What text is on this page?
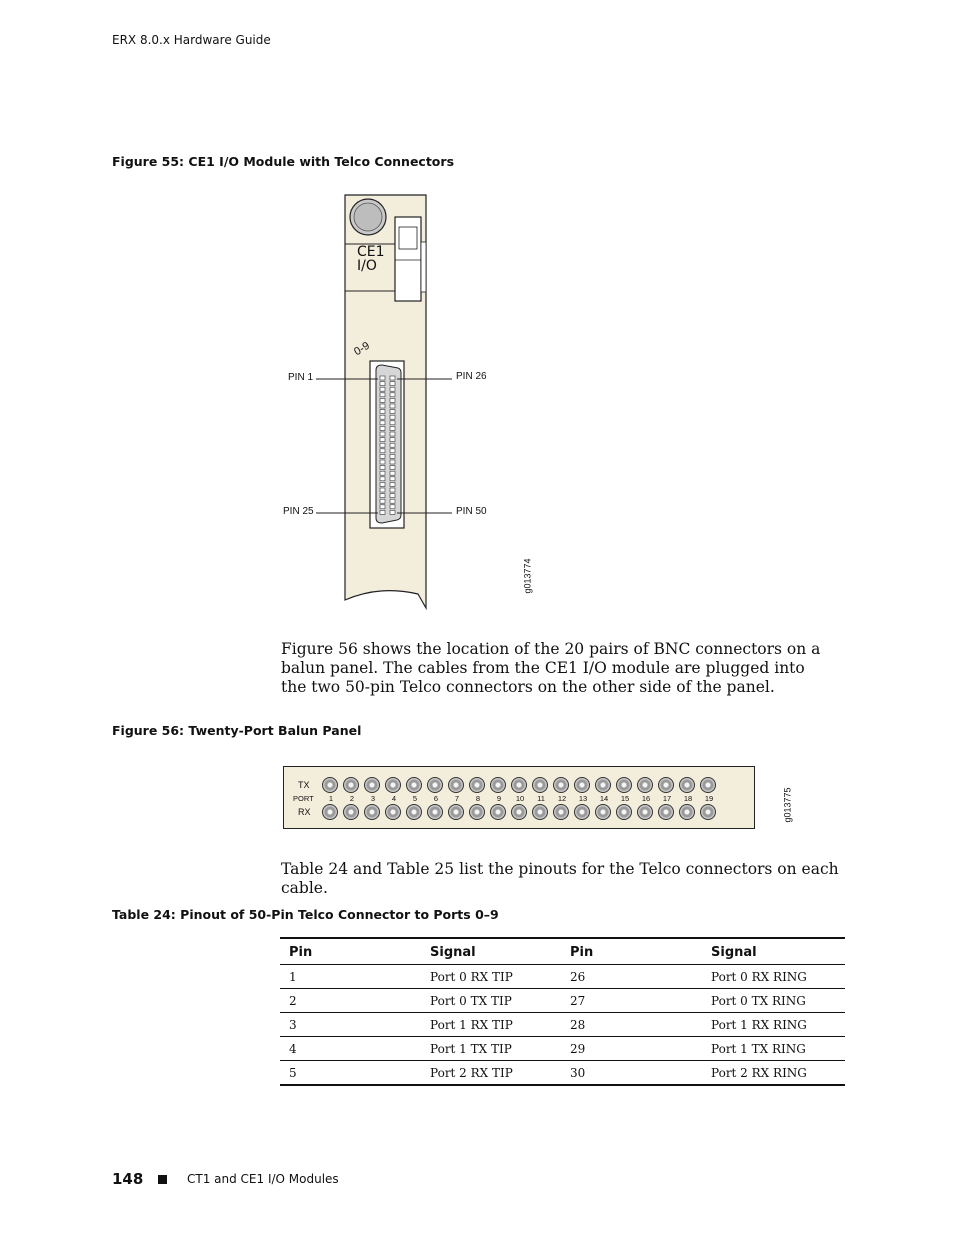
ERX 8.0.x Hardware Guide
Figure 55: CE1 I/O Module with Telco Connectors
CE1
I/O
0-9
PIN 1	PIN 26
PIN 25	PIN 50
g013774
Figure 56 shows the location of the 20 pairs of BNC connectors on a balun panel. The cables from the CE1 I/O module are plugged into the two 50-pin Telco connectors on the other side of the panel.
Figure 56: Twenty-Port Balun Panel
TX
PORT
RX
1	2	3	4	5	6	7	8	9	10	11	12	13	14	15	16	17	18	19	g013775
Table 24 and Table 25 list the pinouts for the Telco connectors on each cable.
Table 24: Pinout of 50-Pin Telco Connector to Ports 0–9
Pin	Signal	Pin	Signal
1	Port 0 RX TIP	26	Port 0 RX RING
2	Port 0 TX TIP	27	Port 0 TX RING
3	Port 1 RX TIP	28	Port 1 RX RING
4	Port 1 TX TIP	29	Port 1 TX RING
5	Port 2 RX TIP	30	Port 2 RX RING
148	CT1 and CE1 I/O Modules
